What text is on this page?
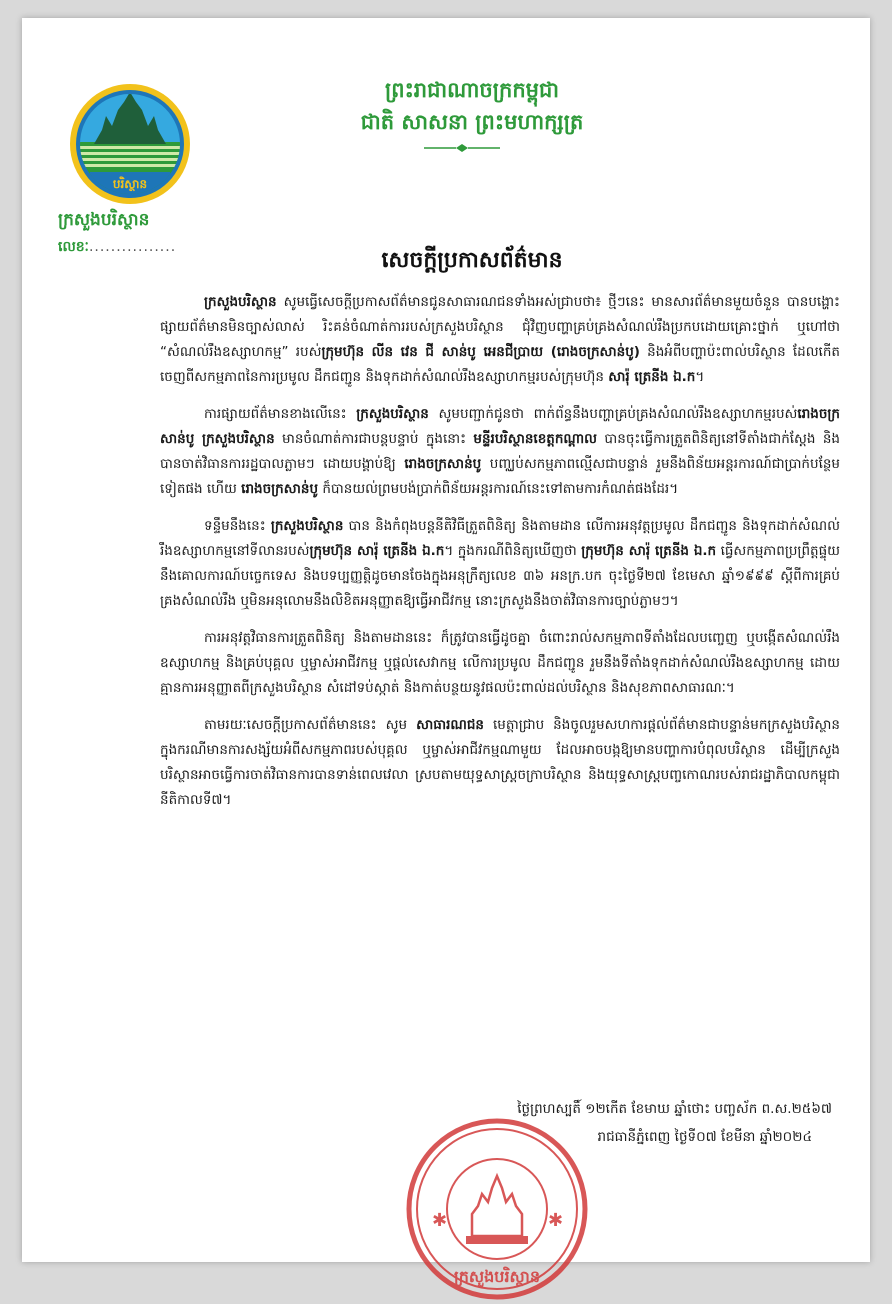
បរិស្ថាន
ក្រសួងបរិស្ថាន
លេខៈ................
ព្រះរាជាណាចក្រកម្ពុជា
ជាតិ សាសនា ព្រះមហាក្សត្រ
សេចក្តីប្រកាសព័ត៌មាន

ក្រសួងបរិស្ថាន សូមធ្វើសេចក្តីប្រកាសព័ត៌មានជូនសាធារណជនទាំងអស់ជ្រាបថា៖ ថ្មីៗនេះ មានសារព័ត៌មានមួយចំនួន បានបង្ហោះផ្សាយព័ត៌មានមិនច្បាស់លាស់ រិះគន់ចំណាត់ការរបស់ក្រសួងបរិស្ថាន ជុំវិញបញ្ហាគ្រប់គ្រងសំណល់រឹងប្រកបដោយគ្រោះថ្នាក់ ឬហៅថា “សំណល់រឹងឧស្សាហកម្ម” របស់ក្រុមហ៊ុន លីន វេន ជី សាន់បូ អេនជីប្រាយ (រោងចក្រសាន់បូ) និងអំពីបញ្ហាប៉ះពាល់បរិស្ថាន ដែលកើតចេញពីសកម្មភាពនៃការប្រមូល ដឹកជញ្ជូន និងទុកដាក់សំណល់រឹងឧស្សាហកម្មរបស់ក្រុមហ៊ុន សារ៉ុ ត្រេនីង ឯ.ក។

ការផ្សាយព័ត៌មានខាងលើនេះ ក្រសួងបរិស្ថាន សូមបញ្ជាក់ជូនថា ពាក់ព័ន្ធនឹងបញ្ហាគ្រប់គ្រងសំណល់រឹងឧស្សាហកម្មរបស់រោងចក្រសាន់បូ ក្រសួងបរិស្ថាន មានចំណាត់ការជាបន្តបន្ទាប់ ក្នុងនោះ មន្ទីរបរិស្ថានខេត្តកណ្តាល បានចុះធ្វើការត្រួតពិនិត្យនៅទីតាំងជាក់ស្តែង និងបានចាត់វិធានការរដ្ឋបាលភ្លាមៗ ដោយបង្គាប់ឱ្យ រោងចក្រសាន់បូ បញ្ឈប់សកម្មភាពល្មើសជាបន្ទាន់ រួមនឹងពិន័យអន្តរការណ៍ជាប្រាក់បន្ថែមទៀតផង ហើយ រោងចក្រសាន់បូ ក៏បានយល់ព្រមបង់ប្រាក់ពិន័យអន្តរការណ៍នេះទៅតាមការកំណត់ផងដែរ។

ទន្ទឹមនឹងនេះ ក្រសួងបរិស្ថាន បាន និងកំពុងបន្តនីតិវិធីត្រួតពិនិត្យ និងតាមដាន លើការអនុវត្តប្រមូល ដឹកជញ្ជូន និងទុកដាក់សំណល់រឹងឧស្សាហកម្មនៅទីលានរបស់ក្រុមហ៊ុន សារ៉ុ ត្រេនីង ឯ.ក។ ក្នុងករណីពិនិត្យឃើញថា ក្រុមហ៊ុន សារ៉ុ ត្រេនីង ឯ.ក ធ្វើសកម្មភាពប្រព្រឹត្តផ្ទុយនឹងគោលការណ៍បច្ចេកទេស និងបទប្បញ្ញត្តិដូចមានចែងក្នុងអនុក្រឹត្យលេខ ៣៦ អនក្រ.បក ចុះថ្ងៃទី២៧ ខែមេសា ឆ្នាំ១៩៩៩ ស្តីពីការគ្រប់គ្រងសំណល់រឹង ឬមិនអនុលោមនឹងលិខិតអនុញ្ញាតឱ្យធ្វើអាជីវកម្ម នោះក្រសួងនឹងចាត់វិធានការច្បាប់ភ្លាមៗ។

ការអនុវត្តវិធានការត្រួតពិនិត្យ និងតាមដាននេះ ក៏ត្រូវបានធ្វើដូចគ្នា ចំពោះរាល់សកម្មភាពទីតាំងដែលបញ្ចេញ ឬបង្កើតសំណល់រឹងឧស្សាហកម្ម និងគ្រប់បុគ្គល ឬម្ចាស់អាជីវកម្ម ឬផ្តល់សេវាកម្ម លើការប្រមូល ដឹកជញ្ជូន រួមនឹងទីតាំងទុកដាក់សំណល់រឹងឧស្សាហកម្ម ដោយគ្មានការអនុញ្ញាតពីក្រសួងបរិស្ថាន សំដៅទប់ស្កាត់ និងកាត់បន្ថយនូវផលប៉ះពាល់ដល់បរិស្ថាន និងសុខភាពសាធារណៈ។

តាមរយៈសេចក្តីប្រកាសព័ត៌មាននេះ សូម សាធារណជន មេត្តាជ្រាប និងចូលរួមសហការផ្តល់ព័ត៌មានជាបន្ទាន់មកក្រសួងបរិស្ថាន ក្នុងករណីមានការសង្ស័យអំពីសកម្មភាពរបស់បុគ្គល ឬម្ចាស់អាជីវកម្មណាមួយ ដែលអាចបង្កឱ្យមានបញ្ហាការបំពុលបរិស្ថាន ដើម្បីក្រសួងបរិស្ថានអាចធ្វើការចាត់វិធានការបានទាន់ពេលវេលា ស្របតាមយុទ្ធសាស្ត្រចក្រាបរិស្ថាន និងយុទ្ធសាស្ត្របញ្ចកោណរបស់រាជរដ្ឋាភិបាលកម្ពុជា នីតិកាលទី៧។

ថ្ងៃព្រហស្បតិ៍ ១២កើត ខែមាឃ ឆ្នាំថោះ បញ្ចស័ក ព.ស.២៥៦៧
រាជធានីភ្នំពេញ ថ្ងៃទី០៧ ខែមីនា ឆ្នាំ២០២៤
✱	✱
ក្រសួងបរិស្ថាន
